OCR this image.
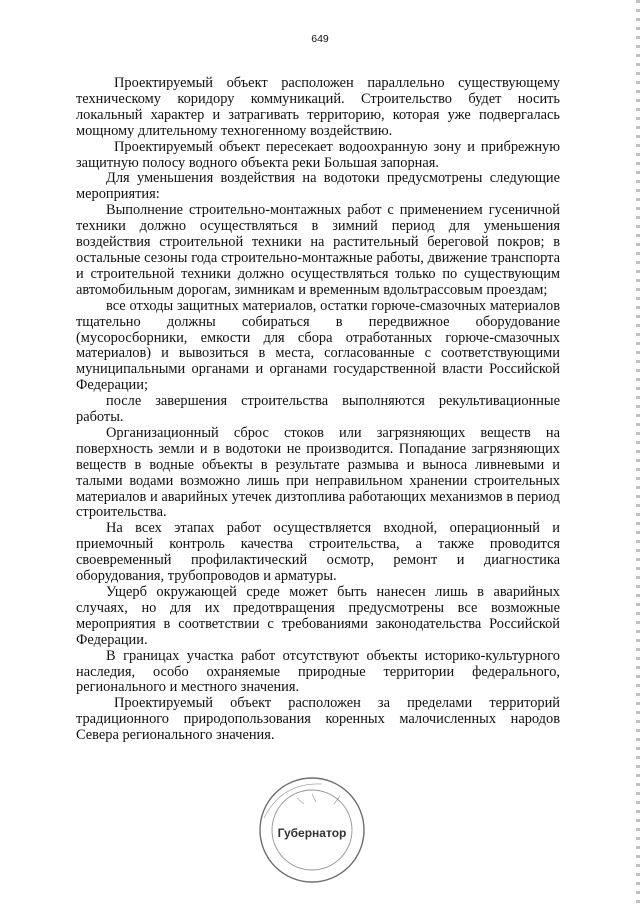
649

Проектируемый объект расположен параллельно существующему техническому коридору коммуникаций. Строительство будет носить локальный характер и затрагивать территорию, которая уже подвергалась мощному длительному техногенному воздействию.

Проектируемый объект пересекает водоохранную зону и прибрежную защитную полосу водного объекта реки Большая запорная.

Для уменьшения воздействия на водотоки предусмотрены следующие мероприятия:

Выполнение строительно-монтажных работ с применением гусеничной техники должно осуществляться в зимний период для уменьшения воздействия строительной техники на растительный береговой покров; в остальные сезоны года строительно-монтажные работы, движение транспорта и строительной техники должно осуществляться только по существующим автомобильным дорогам, зимникам и временным вдольтрассовым проездам;

все отходы защитных материалов, остатки горюче-смазочных материалов тщательно должны собираться в передвижное оборудование (мусоросборники, емкости для сбора отработанных горюче-смазочных материалов) и вывозиться в места, согласованные с соответствующими муниципальными органами и органами государственной власти Российской Федерации;

после завершения строительства выполняются рекультивационные работы.

Организационный сброс стоков или загрязняющих веществ на поверхность земли и в водотоки не производится. Попадание загрязняющих веществ в водные объекты в результате размыва и выноса ливневыми и талыми водами возможно лишь при неправильном хранении строительных материалов и аварийных утечек дизтоплива работающих механизмов в период строительства.

На всех этапах работ осуществляется входной, операционный и приемочный контроль качества строительства, а также проводится своевременный профилактический осмотр, ремонт и диагностика оборудования, трубопроводов и арматуры.

Ущерб окружающей среде может быть нанесен лишь в аварийных случаях, но для их предотвращения предусмотрены все возможные мероприятия в соответствии с требованиями законодательства Российской Федерации.

В границах участка работ отсутствуют объекты историко-культурного наследия, особо охраняемые природные территории федерального, регионального и местного значения.

Проектируемый объект расположен за пределами территорий традиционного природопользования коренных малочисленных народов Севера регионального значения.

Губернатор
